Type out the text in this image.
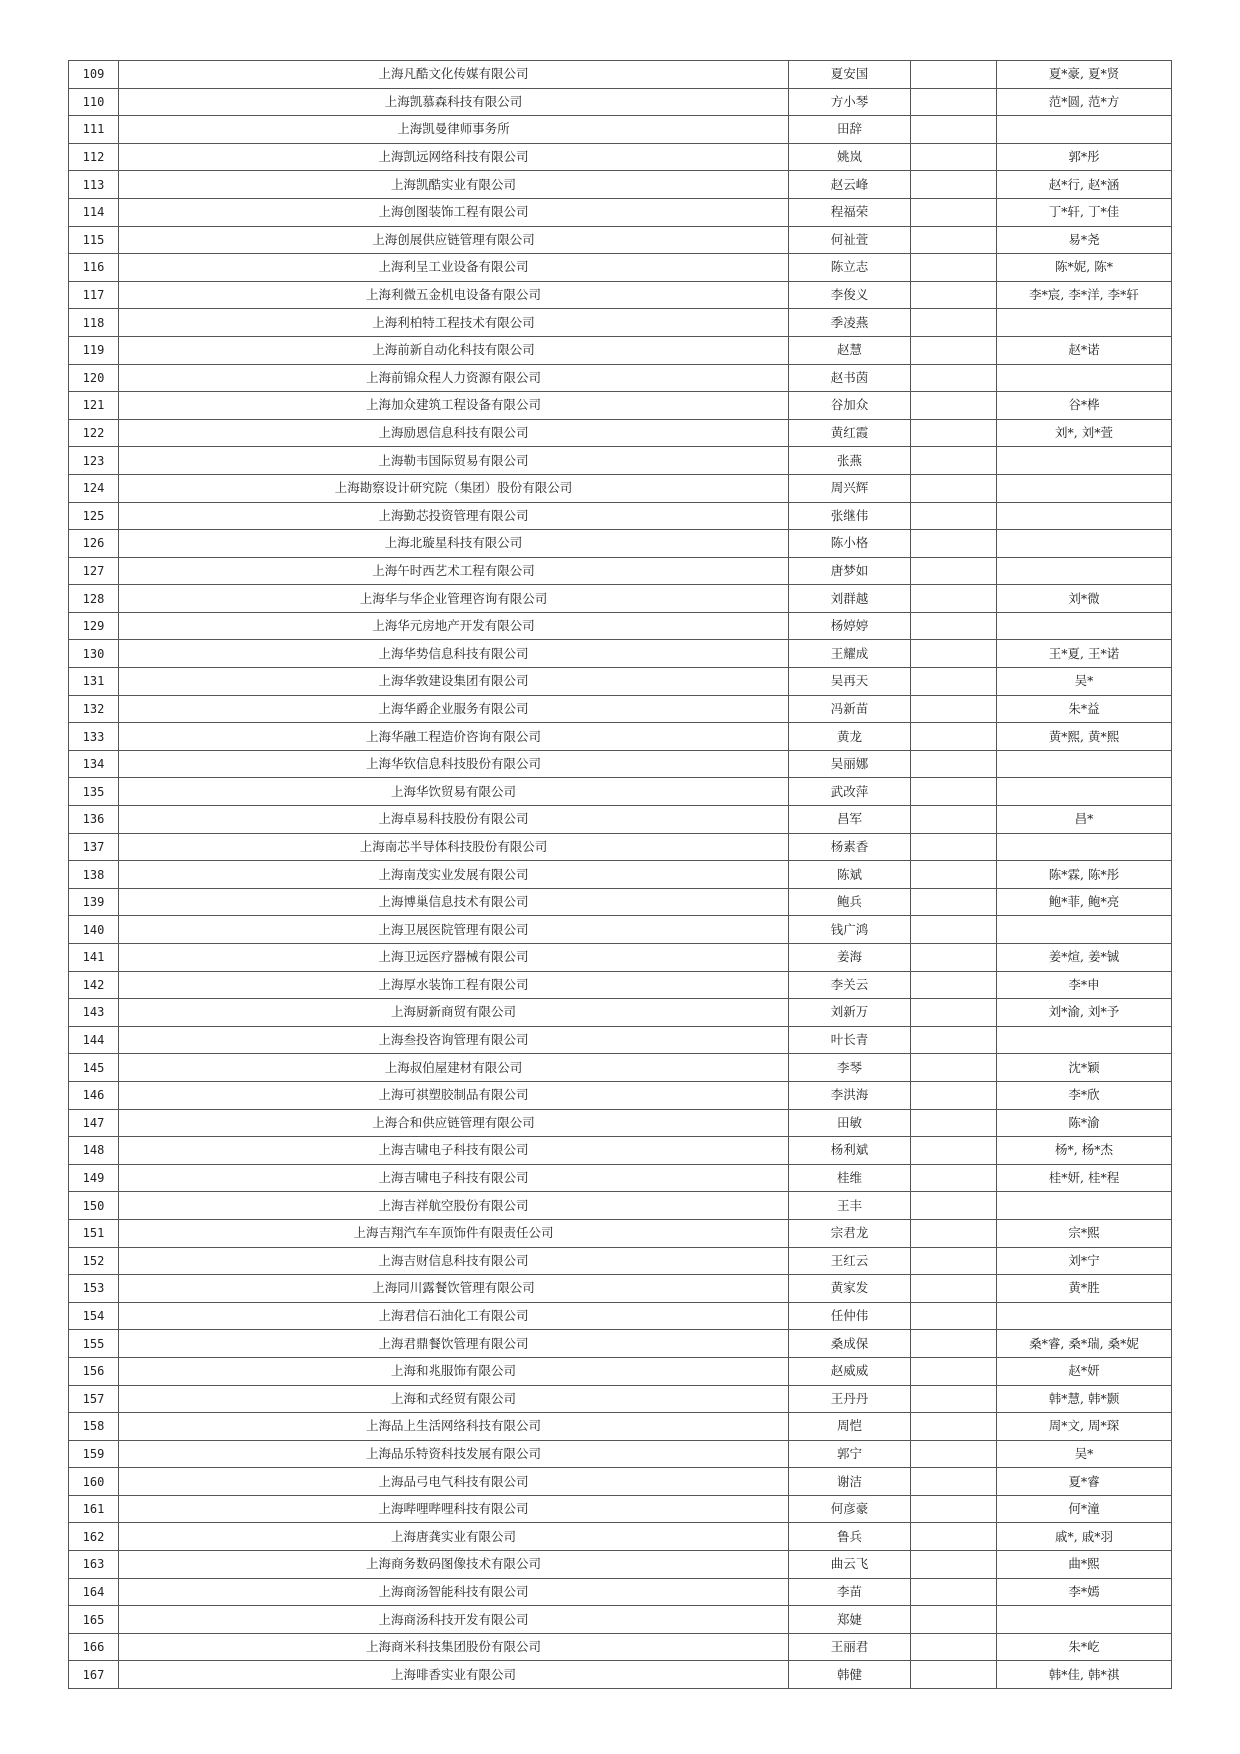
109	上海凡酷文化传媒有限公司	夏安国		夏*豪, 夏*贤
110	上海凯慕森科技有限公司	方小琴		范*圆, 范*方
111	上海凯曼律师事务所	田辞		
112	上海凯远网络科技有限公司	姚岚		郭*彤
113	上海凯酷实业有限公司	赵云峰		赵*行, 赵*涵
114	上海创图装饰工程有限公司	程福荣		丁*轩, 丁*佳
115	上海创展供应链管理有限公司	何祉萱		易*尧
116	上海利呈工业设备有限公司	陈立志		陈*妮, 陈*
117	上海利微五金机电设备有限公司	李俊义		李*宸, 李*洋, 李*轩
118	上海利柏特工程技术有限公司	季凌燕		
119	上海前新自动化科技有限公司	赵慧		赵*诺
120	上海前锦众程人力资源有限公司	赵书茵		
121	上海加众建筑工程设备有限公司	谷加众		谷*桦
122	上海励恩信息科技有限公司	黄红霞		刘*, 刘*萱
123	上海勒韦国际贸易有限公司	张燕		
124	上海勘察设计研究院（集团）股份有限公司	周兴辉		
125	上海勤芯投资管理有限公司	张继伟		
126	上海北璇星科技有限公司	陈小格		
127	上海午时西艺术工程有限公司	唐梦如		
128	上海华与华企业管理咨询有限公司	刘群越		刘*微
129	上海华元房地产开发有限公司	杨婷婷		
130	上海华势信息科技有限公司	王耀成		王*夏, 王*诺
131	上海华敦建设集团有限公司	吴再天		吴*
132	上海华爵企业服务有限公司	冯新苗		朱*益
133	上海华融工程造价咨询有限公司	黄龙		黄*熙, 黄*熙
134	上海华钦信息科技股份有限公司	吴丽娜		
135	上海华饮贸易有限公司	武改萍		
136	上海卓易科技股份有限公司	昌军		昌*
137	上海南芯半导体科技股份有限公司	杨素香		
138	上海南茂实业发展有限公司	陈斌		陈*霖, 陈*彤
139	上海博巢信息技术有限公司	鲍兵		鲍*菲, 鲍*亮
140	上海卫展医院管理有限公司	钱广鸿		
141	上海卫远医疗器械有限公司	姜海		姜*煊, 姜*铖
142	上海厚水装饰工程有限公司	李关云		李*申
143	上海厨新商贸有限公司	刘新万		刘*渝, 刘*予
144	上海叁投咨询管理有限公司	叶长青		
145	上海叔伯屋建材有限公司	李琴		沈*颖
146	上海可祺塑胶制品有限公司	李洪海		李*欣
147	上海合和供应链管理有限公司	田敏		陈*渝
148	上海吉啸电子科技有限公司	杨利斌		杨*, 杨*杰
149	上海吉啸电子科技有限公司	桂维		桂*妍, 桂*程
150	上海吉祥航空股份有限公司	王丰		
151	上海吉翔汽车车顶饰件有限责任公司	宗君龙		宗*熙
152	上海吉财信息科技有限公司	王红云		刘*宁
153	上海同川露餐饮管理有限公司	黄家发		黄*胜
154	上海君信石油化工有限公司	任仲伟		
155	上海君鼎餐饮管理有限公司	桑成保		桑*睿, 桑*瑞, 桑*妮
156	上海和兆服饰有限公司	赵威威		赵*妍
157	上海和式经贸有限公司	王丹丹		韩*慧, 韩*颢
158	上海品上生活网络科技有限公司	周恺		周*文, 周*琛
159	上海品乐特资科技发展有限公司	郭宁		吴*
160	上海品弓电气科技有限公司	谢洁		夏*睿
161	上海哔哩哔哩科技有限公司	何彦豪		何*潼
162	上海唐龚实业有限公司	鲁兵		戚*, 戚*羽
163	上海商务数码图像技术有限公司	曲云飞		曲*熙
164	上海商汤智能科技有限公司	李苗		李*嫣
165	上海商汤科技开发有限公司	郑婕		
166	上海商米科技集团股份有限公司	王丽君		朱*屹
167	上海啡香实业有限公司	韩健		韩*佳, 韩*祺
